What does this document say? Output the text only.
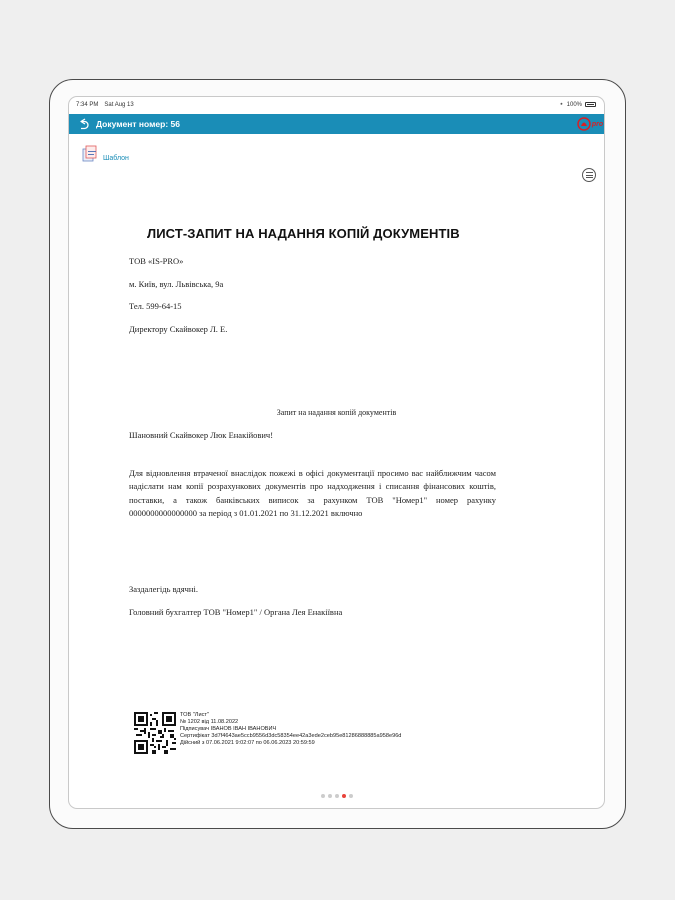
7:34 PM Sat Aug 13	⋆ 100%
Документ номер: 56	pro
Шаблон
ЛИСТ-ЗАПИТ НА НАДАННЯ КОПІЙ ДОКУМЕНТІВ
ТОВ «IS-PRO»
м. Київ, вул. Львівська, 9а
Тел. 599-64-15
Директору Скайвокер Л. Е.
Запит на надання копій документів
Шановний Скайвокер Люк Енакійович!
Для відновлення втраченої внаслідок пожежі в офісі документації просимо вас найближчим часом надіслати нам копії розрахункових документів про надходження і списання фінансових коштів, поставки, а також банківських виписок за рахунком ТОВ "Номер1" номер рахунку 0000000000000000 за період з 01.01.2021 по 31.12.2021 включно
Заздалегідь вдячні.
Головний бухгалтер ТОВ "Номер1" / Органа Лея Енакіївна
ТОВ "Лист"
№ 1202 від 11.08.2022
Підписувач ІВАНОВ ІВАН ІВАНОВИЧ
Сертифікат 3d7f4643ae5ccb9556d3dc58354ee42a3ede2ceb95e81286888885a958e96d
Дійсний з 07.06.2021 9:02:07 по 06.06.2023 20:59:59
